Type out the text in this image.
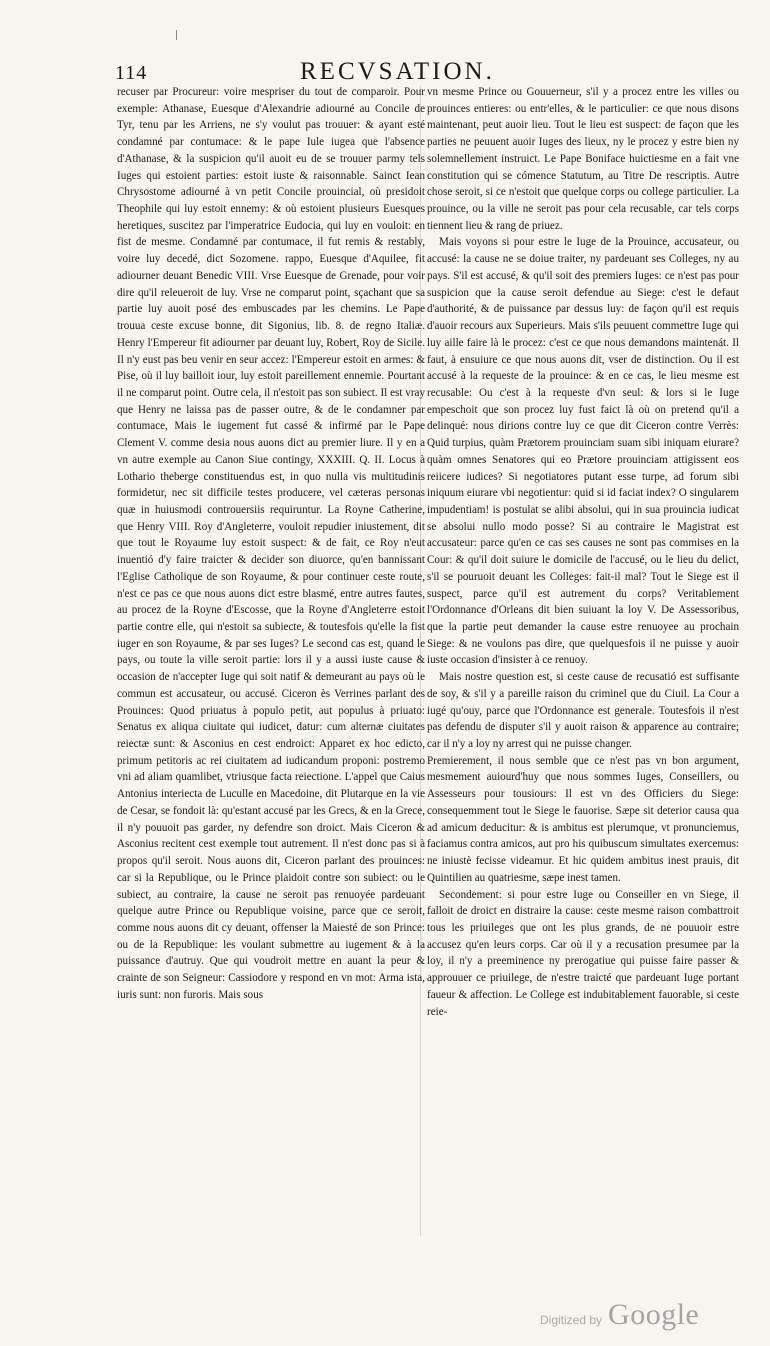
114	RECVSATION.

recuser par Procureur: voire mespriser du tout de comparoir. Pour exemple: Athanase, Euesque d'Alexandrie adiourné au Concile de Tyr, tenu par les Arriens, ne s'y voulut pas trouuer: & ayant esté condamné par contumace: & le pape Iule iugea que l'absence d'Athanase, & la suspicion qu'il auoit eu de se trouuer parmy tels Iuges qui estoient parties: estoit iuste & raisonnable. Sainct Iean Chrysostome adiourné à vn petit Concile prouincial, où presidoit Theophile qui luy estoit ennemy: & où estoient plusieurs Euesques heretiques, suscitez par l'imperatrice Eudocia, qui luy en vouloit: en fist de mesme. Condamné par contumace, il fut remis & restably, voire luy decedé, dict Sozomene. rappo, Euesque d'Aquilee, fit adiourner deuant Benedic VIII. Vrse Euesque de Grenade, pour voir dire qu'il releueroit de luy. Vrse ne comparut point, sçachant que sa partie luy auoit posé des embuscades par les chemins. Le Pape trouua ceste excuse bonne, dit Sigonius, lib. 8. de regno Italiæ. Henry l'Empereur fit adiourner par deuant luy, Robert, Roy de Sicile. Il n'y eust pas beu venir en seur accez: l'Empereur estoit en armes: & Pise, où il luy bailloit iour, luy estoit pareillement ennemie. Pourtant il ne comparut point. Outre cela, il n'estoit pas son subiect. Il est vray que Henry ne laissa pas de passer outre, & de le condamner par contumace, Mais le iugement fut cassé & infirmé par le Pape Clement V. comme desia nous auons dict au premier liure. Il y en a vn autre exemple au Canon Siue contingy, XXXIII. Q. II. Locus à Lothario theberge constituendus est, in quo nulla vis multitudinis formidetur, nec sit difficile testes producere, vel cæteras personas quæ in huiusmodi controuersiis requiruntur. La Royne Catherine, que Henry VIII. Roy d'Angleterre, vouloit repudier iniustement, dit que tout le Royaume luy estoit suspect: & de fait, ce Roy n'eut inuentió d'y faire traicter & decider son diuorce, qu'en bannissant l'Eglise Catholique de son Royaume, & pour continuer ceste route, n'est ce pas ce que nous auons dict estre blasmé, entre autres fautes, au procez de la Royne d'Escosse, que la Royne d'Angleterre estoit partie contre elle, qui n'estoit sa subiecte, & toutesfois qu'elle la fist iuger en son Royaume, & par ses Iuges? Le second cas est, quand le pays, ou toute la ville seroit partie: lors il y a aussi iuste cause & occasion de n'accepter Iuge qui soit natif & demeurant au pays où le commun est accusateur, ou accusé. Ciceron ès Verrines parlant des Prouinces: Quod priuatus à populo petit, aut populus à priuato: Senatus ex aliqua ciuitate qui iudicet, datur: cum alternæ ciuitates reiectæ sunt: & Asconius en cest endroict: Apparet ex hoc edicto, primum petitoris ac rei ciuitatem ad iudicandum proponi: postremo vni ad aliam quamlibet, vtriusque facta reiectione. L'appel que Caius Antonius interiecta de Luculle en Macedoine, dit Plutarque en la vie de Cesar, se fondoit là: qu'estant accusé par les Grecs, & en la Grece, il n'y pouuoit pas garder, ny defendre son droict. Mais Ciceron & Asconius recitent cest exemple tout autrement. Il n'est donc pas si à propos qu'il seroit. Nous auons dit, Ciceron parlant des prouinces: car si la Republique, ou le Prince plaidoit contre son subiect: ou le subiect, au contraire, la cause ne seroit pas renuoyée pardeuant quelque autre Prince ou Republique voisine, parce que ce seroit, comme nous auons dit cy deuant, offenser la Maiesté de son Prince: ou de la Republique: les voulant submettre au iugement & à la puissance d'autruy. Que qui voudroit mettre en auant la peur & crainte de son Seigneur: Cassiodore y respond en vn mot: Arma ista, iuris sunt: non furoris. Mais sous

vn mesme Prince ou Gouuerneur, s'il y a procez entre les villes ou prouinces entieres: ou entr'elles, & le particulier: ce que nous disons maintenant, peut auoir lieu. Tout le lieu est suspect: de façon que les parties ne peuuent auoir Iuges des lieux, ny le procez y estre bien ny solemnellement instruict. Le Pape Boniface huictiesme en a fait vne constitution qui se cómence Statutum, au Titre De rescriptis. Autre chose seroit, si ce n'estoit que quelque corps ou college particulier. La prouince, ou la ville ne seroit pas pour cela recusable, car tels corps tiennent lieu & rang de priuez.

Mais voyons si pour estre le Iuge de la Prouince, accusateur, ou accusé: la cause ne se doiue traiter, ny pardeuant ses Colleges, ny au pays. S'il est accusé, & qu'il soit des premiers Iuges: ce n'est pas pour suspicion que la cause seroit defendue au Siege: c'est le defaut d'authorité, & de puissance par dessus luy: de façon qu'il est requis d'auoir recours aux Superieurs. Mais s'ils peuuent commettre Iuge qui luy aille faire là le procez: c'est ce que nous demandons maintenát. Il faut, à ensuiure ce que nous auons dit, vser de distinction. Ou il est accusé à la requeste de la prouince: & en ce cas, le lieu mesme est recusable: Ou c'est à la requeste d'vn seul: & lors si le Iuge empeschoit que son procez luy fust faict là où on pretend qu'il a delinqué: nous dirions contre luy ce que dit Ciceron contre Verrès: Quid turpius, quàm Prætorem prouinciam suam sibi iniquam eiurare? quàm omnes Senatores qui eo Prætore prouinciam attigissent eos reiicere iudices? Si negotiatores putant esse turpe, ad forum sibi iniquum eiurare vbi negotientur: quid si id faciat index? O singularem impudentiam! is postulat se alibi absolui, qui in sua prouincia iudicat se absolui nullo modo posse? Si au contraire le Magistrat est accusateur: parce qu'en ce cas ses causes ne sont pas commises en la Cour: & qu'il doit suiure le domicile de l'accusé, ou le lieu du delict, s'il se pouruoit deuant les Colleges: fait-il mal? Tout le Siege est il suspect, parce qu'il est autrement du corps? Veritablement l'Ordonnance d'Orleans dit bien suiuant la loy V. De Assessoribus, que la partie peut demander la cause estre renuoyee au prochain Siege: & ne voulons pas dire, que quelquesfois il ne puisse y auoir iuste occasion d'insister à ce renuoy.

Mais nostre question est, si ceste cause de recusatió est suffisante de soy, & s'il y a pareille raison du criminel que du Ciuil. La Cour a iugé qu'ouy, parce que l'Ordonnance est generale. Toutesfois il n'est pas defendu de disputer s'il y auoit raison & apparence au contraire; car il n'y a loy ny arrest qui ne puisse changer.

Premierement, il nous semble que ce n'est pas vn bon argument, mesmement auiourd'huy que nous sommes Iuges, Conseillers, ou Assesseurs pour tousiours: Il est vn des Officiers du Siege: consequemment tout le Siege le fauorise. Sæpe sit deterior causa qua ad amicum deducitur: & is ambitus est plerumque, vt pronunciemus, faciamus contra amicos, aut pro his quibuscum simultates exercemus: ne iniustè fecisse videamur. Et hic quidem ambitus inest prauis, dit Quintilien au quatriesme, sæpe inest tamen.

Secondement: si pour estre Iuge ou Conseiller en vn Siege, il falloit de droict en distraire la cause: ceste mesme raison combattroit tous les priuileges que ont les plus grands, de ne pouuoir estre accusez qu'en leurs corps. Car où il y a recusation presumee par la loy, il n'y a preeminence ny prerogatiue qui puisse faire passer & approuuer ce priuilege, de n'estre traicté que pardeuant Iuge portant faueur & affection. Le College est indubitablement fauorable, si ceste reie-

Digitized by Google
